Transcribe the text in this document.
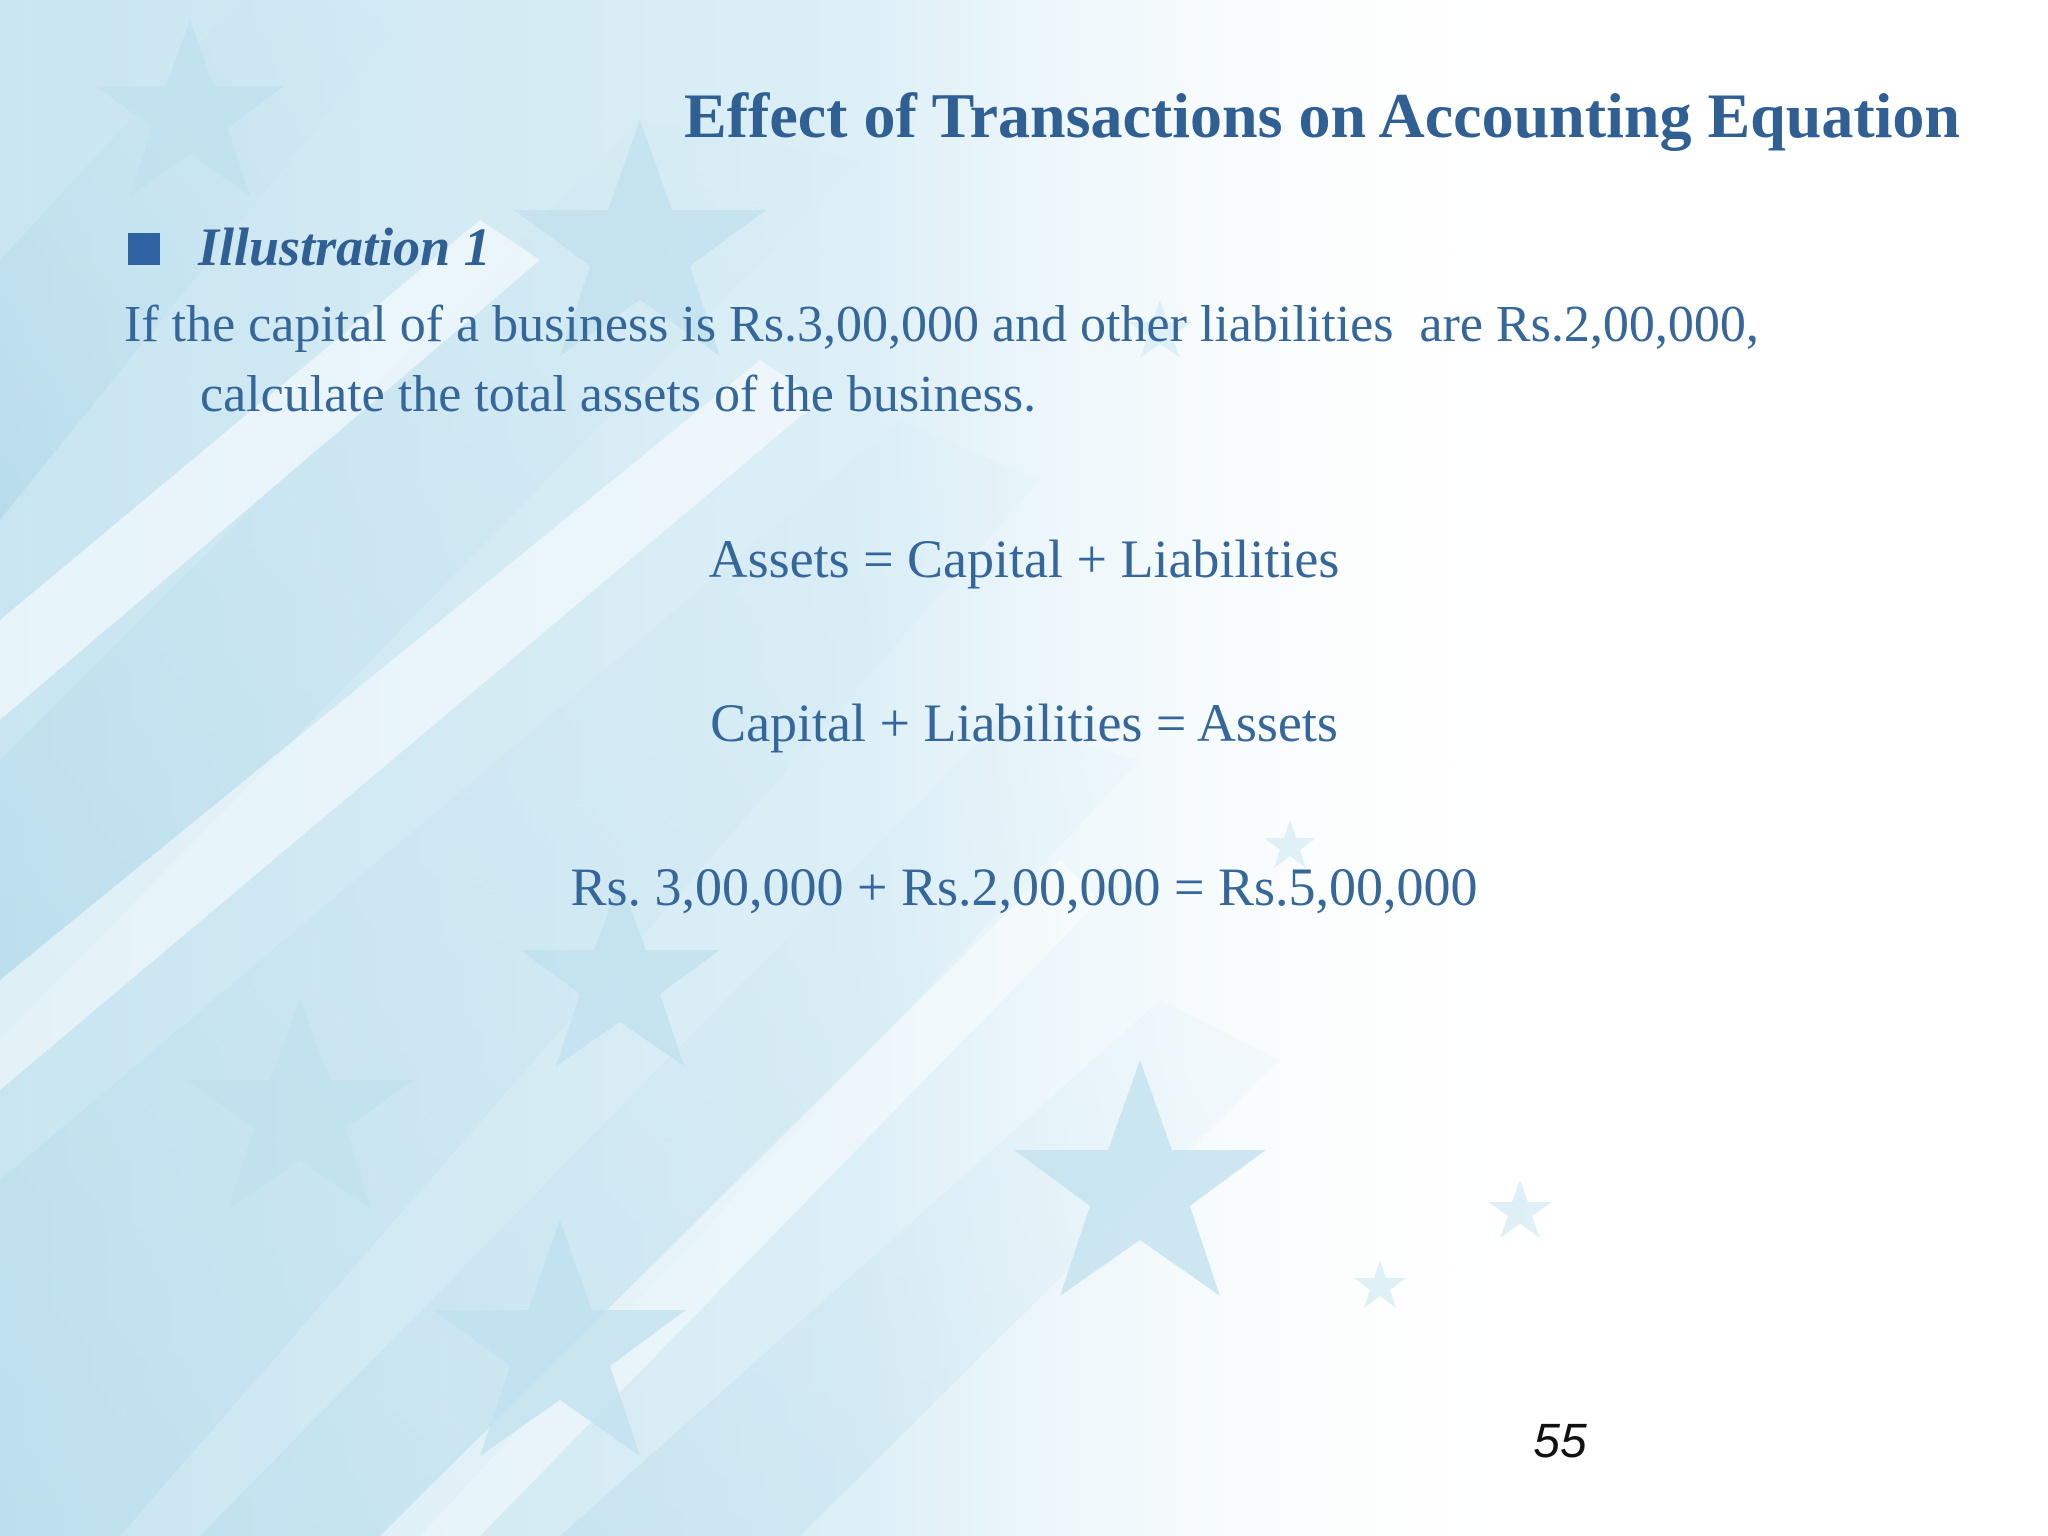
Effect of Transactions on Accounting Equation
Illustration 1
If the capital of a business is Rs.3,00,000 and other liabilities  are Rs.2,00,000,
calculate the total assets of the business.
Assets = Capital + Liabilities
Capital + Liabilities = Assets
Rs. 3,00,000 + Rs.2,00,000 = Rs.5,00,000
55
